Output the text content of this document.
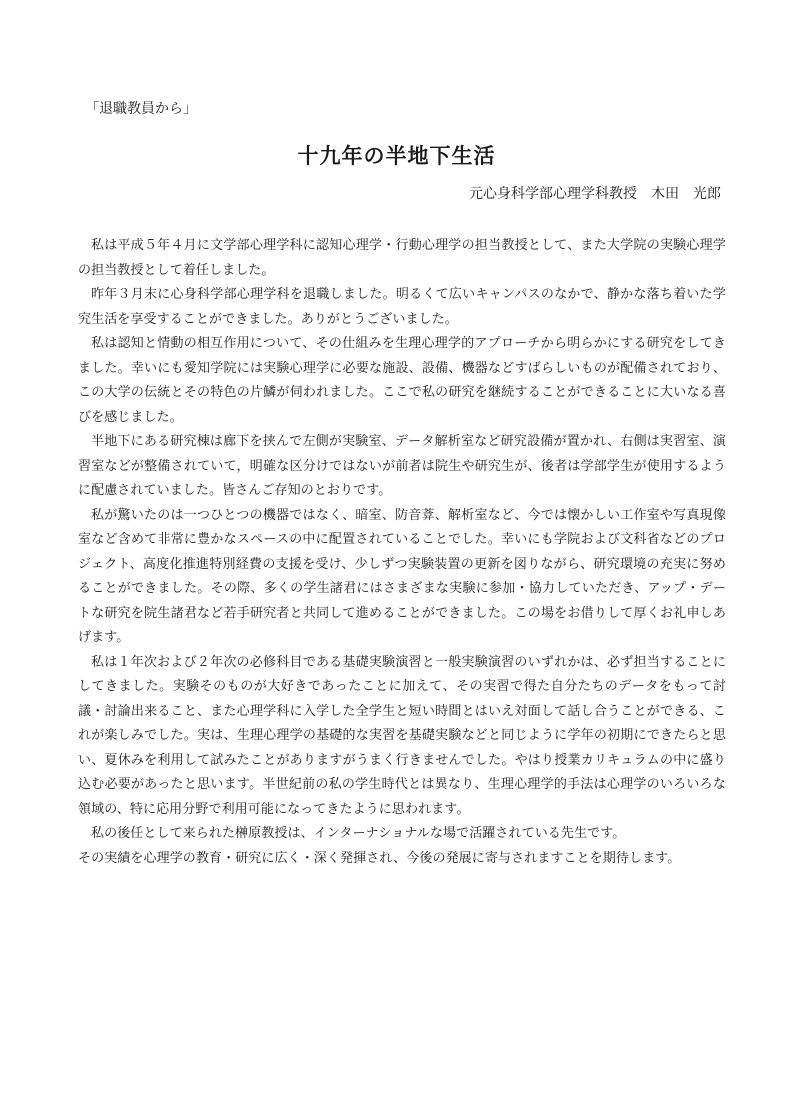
「退職教員から」
十九年の半地下生活
元心身科学部心理学科教授　木田　光郎

私は平成５年４月に文学部心理学科に認知心理学・行動心理学の担当教授として、また大学院の実験心理学の担当教授として着任しました。

昨年３月末に心身科学部心理学科を退職しました。明るくて広いキャンパスのなかで、静かな落ち着いた学究生活を享受することができました。ありがとうございました。

私は認知と情動の相互作用について、その仕組みを生理心理学的アプローチから明らかにする研究をしてきました。幸いにも愛知学院には実験心理学に必要な施設、設備、機器などすばらしいものが配備されており、この大学の伝統とその特色の片鱗が伺われました。ここで私の研究を継続することができることに大いなる喜びを感じました。

半地下にある研究棟は廊下を挟んで左側が実験室、データ解析室など研究設備が置かれ、右側は実習室、演習室などが整備されていて，明確な区分けではないが前者は院生や研究生が、後者は学部学生が使用するように配慮されていました。皆さんご存知のとおりです。

私が驚いたのは一つひとつの機器ではなく、暗室、防音葊、解析室など、今では懐かしい工作室や写真現像室など含めて非常に豊かなスペースの中に配置されていることでした。幸いにも学院および文科省などのプロジェクト、高度化推進特別経費の支援を受け、少しずつ実験装置の更新を図りながら、研究環境の充実に努めることができました。その際、多くの学生諸君にはさまざまな実験に参加・協力していただき、アップ・デートな研究を院生諸君など若手研究者と共同して進めることができました。この場をお借りして厚くお礼申しあげます。

私は１年次および２年次の必修科目である基礎実験演習と一般実験演習のいずれかは、必ず担当することにしてきました。実験そのものが大好きであったことに加えて、その実習で得た自分たちのデータをもって討議・討論出来ること、また心理学科に入学した全学生と短い時間とはいえ対面して話し合うことができる、これが楽しみでした。実は、生理心理学の基礎的な実習を基礎実験などと同じように学年の初期にできたらと思い、夏休みを利用して試みたことがありますがうまく行きませんでした。やはり授業カリキュラムの中に盛り込む必要があったと思います。半世紀前の私の学生時代とは異なり、生理心理学的手法は心理学のいろいろな領域の、特に応用分野で利用可能になってきたように思われます。

私の後任として来られた榊原教授は、インターナショナルな場で活躍されている先生です。

その実績を心理学の教育・研究に広く・深く発揮され、今後の発展に寄与されますことを期待します。
